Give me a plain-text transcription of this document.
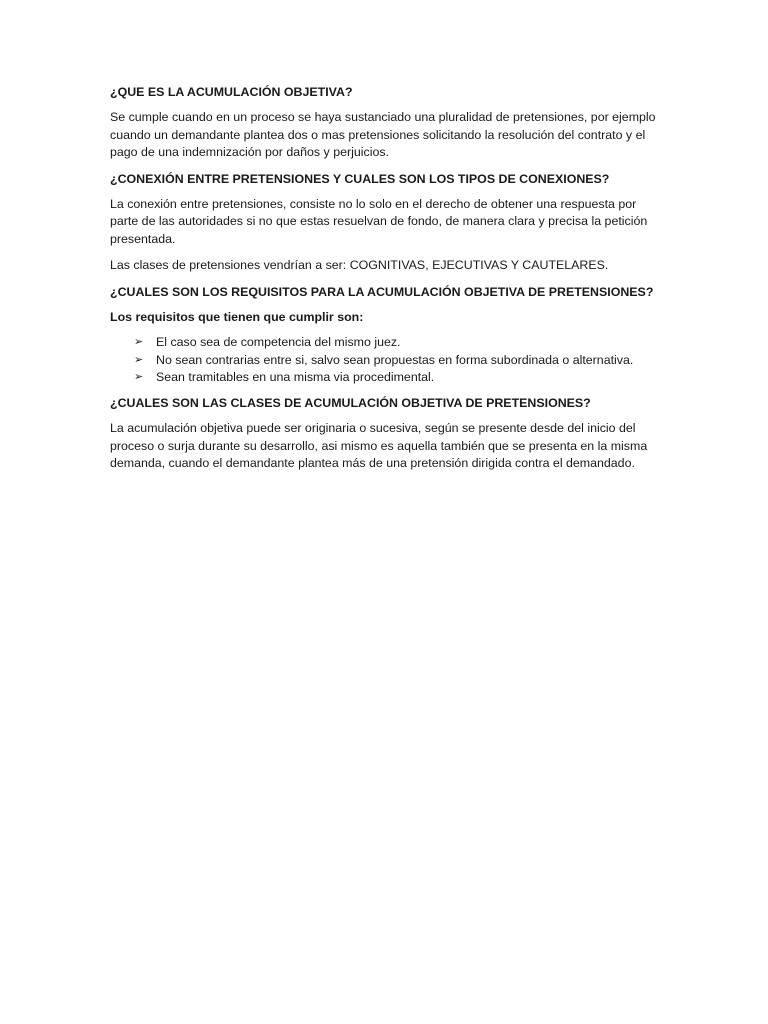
¿QUE ES LA ACUMULACIÓN OBJETIVA?

Se cumple cuando en un proceso se haya sustanciado una pluralidad de pretensiones, por ejemplo cuando un demandante plantea dos o mas pretensiones solicitando la resolución del contrato y el pago de una indemnización por daños y perjuicios.

¿CONEXIÓN ENTRE PRETENSIONES Y CUALES SON LOS TIPOS DE CONEXIONES?

La conexión entre pretensiones, consiste no lo solo en el derecho de obtener una respuesta por parte de las autoridades si no que estas resuelvan de fondo, de manera clara y precisa la petición presentada.

Las clases de pretensiones vendrían a ser: COGNITIVAS, EJECUTIVAS Y CAUTELARES.

¿CUALES SON LOS REQUISITOS PARA LA ACUMULACIÓN OBJETIVA DE PRETENSIONES?

Los requisitos que tienen que cumplir son:

➢ El caso sea de competencia del mismo juez.
➢ No sean contrarias entre si, salvo sean propuestas en forma subordinada o alternativa.
➢ Sean tramitables en una misma via procedimental.

¿CUALES SON LAS CLASES DE ACUMULACIÓN OBJETIVA DE PRETENSIONES?

La acumulación objetiva puede ser originaria o sucesiva, según se presente desde del inicio del proceso o surja durante su desarrollo, asi mismo es aquella también que se presenta en la misma demanda, cuando el demandante plantea más de una pretensión dirigida contra el demandado.
